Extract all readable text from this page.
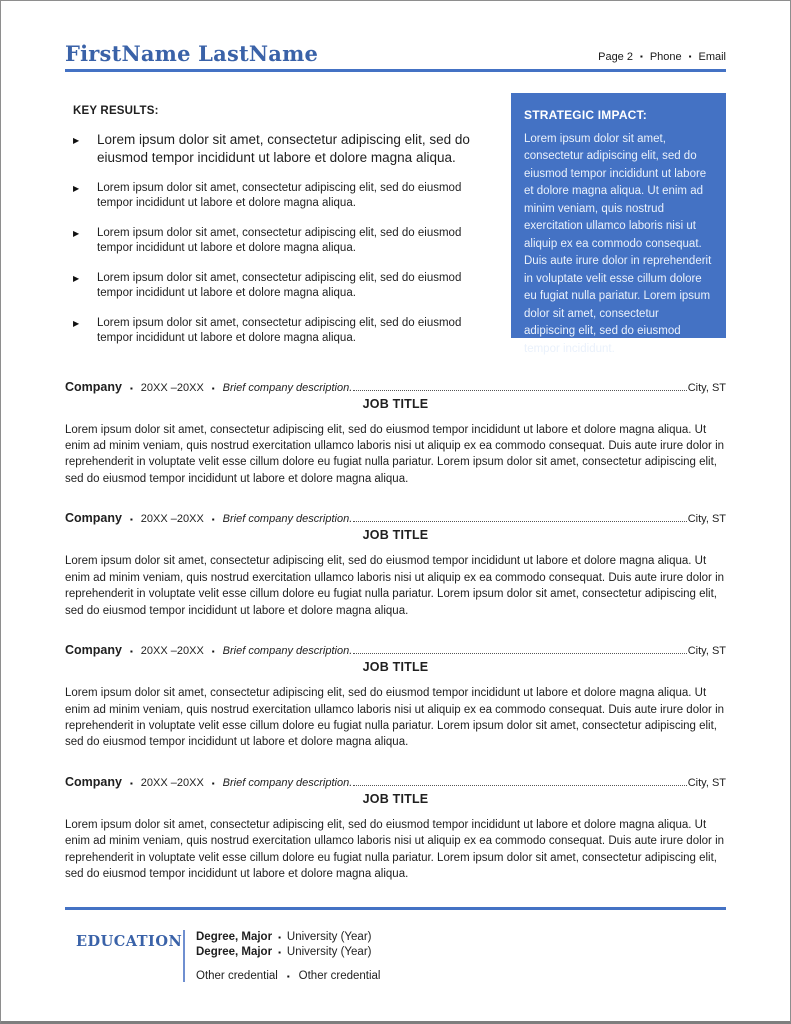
FirstName LastName	Page 2 ▪ Phone ▪ Email
KEY RESULTS:
▶	Lorem ipsum dolor sit amet, consectetur adipiscing elit, sed do eiusmod tempor incididunt ut labore et dolore magna aliqua.
▶	Lorem ipsum dolor sit amet, consectetur adipiscing elit, sed do eiusmod tempor incididunt ut labore et dolore magna aliqua.
▶	Lorem ipsum dolor sit amet, consectetur adipiscing elit, sed do eiusmod tempor incididunt ut labore et dolore magna aliqua.
▶	Lorem ipsum dolor sit amet, consectetur adipiscing elit, sed do eiusmod tempor incididunt ut labore et dolore magna aliqua.
▶	Lorem ipsum dolor sit amet, consectetur adipiscing elit, sed do eiusmod tempor incididunt ut labore et dolore magna aliqua.
STRATEGIC IMPACT:
Lorem ipsum dolor sit amet, consectetur adipiscing elit, sed do eiusmod tempor incididunt ut labore et dolore magna aliqua. Ut enim ad minim veniam, quis nostrud exercitation ullamco laboris nisi ut aliquip ex ea commodo consequat. Duis aute irure dolor in reprehenderit in voluptate velit esse cillum dolore eu fugiat nulla pariatur. Lorem ipsum dolor sit amet, consectetur adipiscing elit, sed do eiusmod tempor incididunt.
Company ▪ 20XX –20XX ▪ Brief company description.	City, ST
JOB TITLE
Lorem ipsum dolor sit amet, consectetur adipiscing elit, sed do eiusmod tempor incididunt ut labore et dolore magna aliqua. Ut enim ad minim veniam, quis nostrud exercitation ullamco laboris nisi ut aliquip ex ea commodo consequat. Duis aute irure dolor in reprehenderit in voluptate velit esse cillum dolore eu fugiat nulla pariatur. Lorem ipsum dolor sit amet, consectetur adipiscing elit, sed do eiusmod tempor incididunt ut labore et dolore magna aliqua.
Company ▪ 20XX –20XX ▪ Brief company description.	City, ST
JOB TITLE
Lorem ipsum dolor sit amet, consectetur adipiscing elit, sed do eiusmod tempor incididunt ut labore et dolore magna aliqua. Ut enim ad minim veniam, quis nostrud exercitation ullamco laboris nisi ut aliquip ex ea commodo consequat. Duis aute irure dolor in reprehenderit in voluptate velit esse cillum dolore eu fugiat nulla pariatur. Lorem ipsum dolor sit amet, consectetur adipiscing elit, sed do eiusmod tempor incididunt ut labore et dolore magna aliqua.
Company ▪ 20XX –20XX ▪ Brief company description.	City, ST
JOB TITLE
Lorem ipsum dolor sit amet, consectetur adipiscing elit, sed do eiusmod tempor incididunt ut labore et dolore magna aliqua. Ut enim ad minim veniam, quis nostrud exercitation ullamco laboris nisi ut aliquip ex ea commodo consequat. Duis aute irure dolor in reprehenderit in voluptate velit esse cillum dolore eu fugiat nulla pariatur. Lorem ipsum dolor sit amet, consectetur adipiscing elit, sed do eiusmod tempor incididunt ut labore et dolore magna aliqua.
Company ▪ 20XX –20XX ▪ Brief company description.	City, ST
JOB TITLE
Lorem ipsum dolor sit amet, consectetur adipiscing elit, sed do eiusmod tempor incididunt ut labore et dolore magna aliqua. Ut enim ad minim veniam, quis nostrud exercitation ullamco laboris nisi ut aliquip ex ea commodo consequat. Duis aute irure dolor in reprehenderit in voluptate velit esse cillum dolore eu fugiat nulla pariatur. Lorem ipsum dolor sit amet, consectetur adipiscing elit, sed do eiusmod tempor incididunt ut labore et dolore magna aliqua.
EDUCATION Degree, Major ▪ University (Year)
Degree, Major ▪ University (Year)
Other credential ▪ Other credential
